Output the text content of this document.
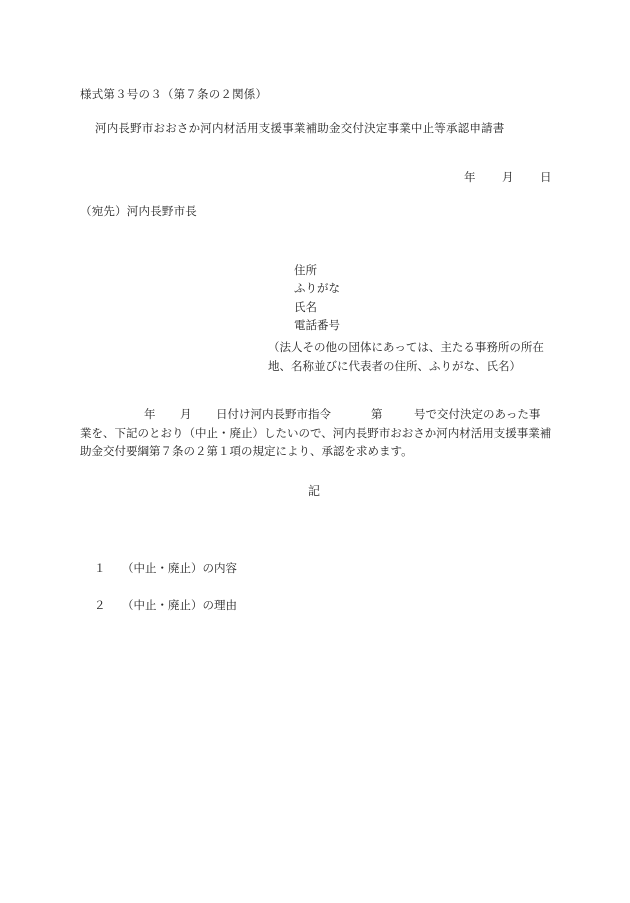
様式第３号の３（第７条の２関係）
河内長野市おおさか河内材活用支援事業補助金交付決定事業中止等承認申請書
年 月 日
（宛先）河内長野市長
住所
ふりがな
氏名
電話番号
（法人その他の団体にあっては、主たる事務所の所在地、名称並びに代表者の住所、ふりがな、氏名）
年 月 日付け河内長野市指令	第	号で交付決定のあった事
業を、下記のとおり（中止・廃止）したいので、河内長野市おおさか河内材活用支援事業補助金交付要綱第７条の２第１項の規定により、承認を求めます。
記
１ （中止・廃止）の内容
２ （中止・廃止）の理由
